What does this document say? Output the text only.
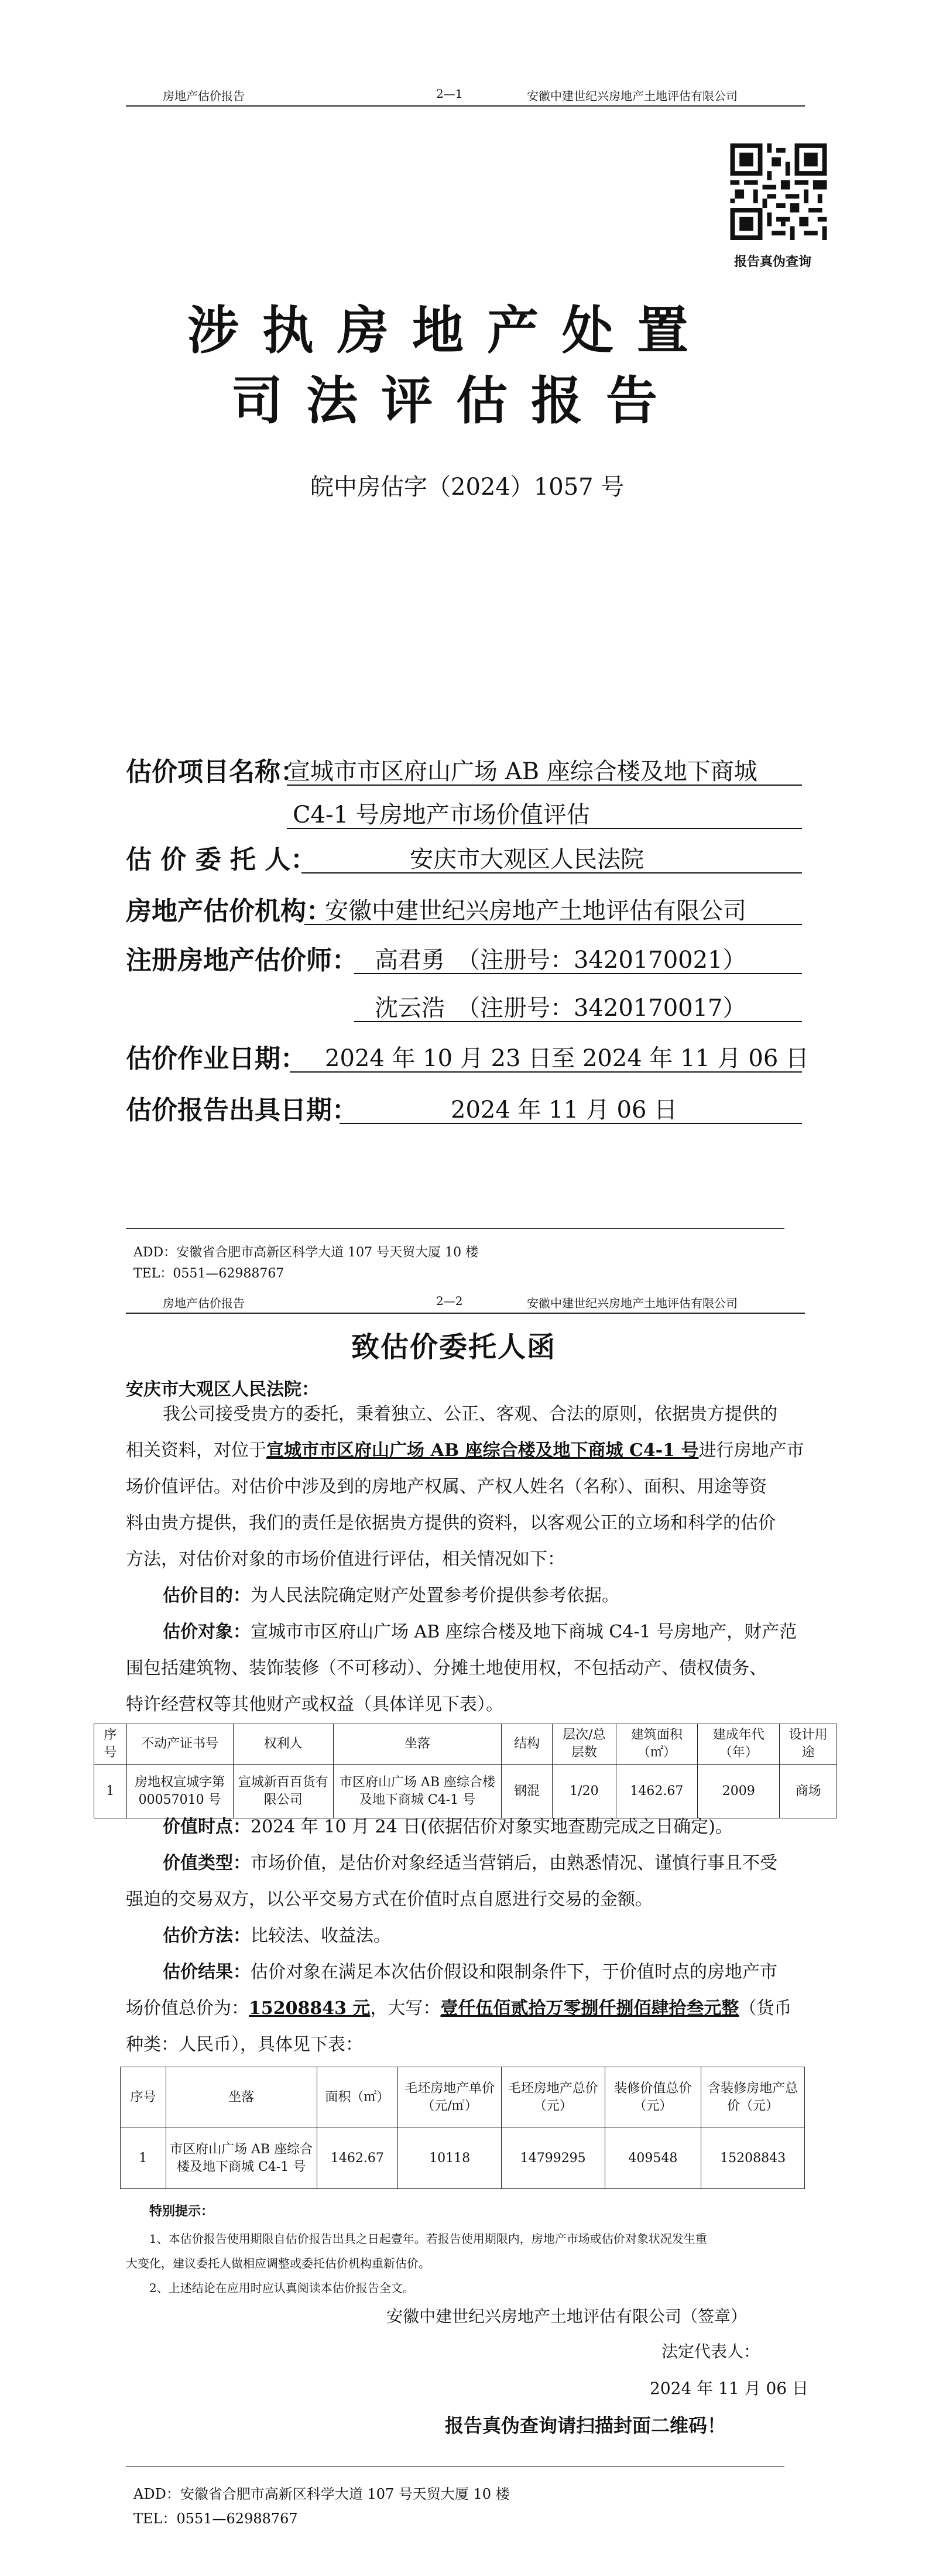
房地产估价报告	2—1	安徽中建世纪兴房地产土地评估有限公司
报告真伪查询
涉执房地产处置
司法评估报告
皖中房估字（2024）1057 号
估价项目名称：
宣城市市区府山广场 AB 座综合楼及地下商城
C4-1 号房地产市场价值评估
估 价 委 托 人：	安庆市大观区人民法院
房地产估价机构：
安徽中建世纪兴房地产土地评估有限公司
注册房地产估价师： 高君勇　（注册号：3420170021）
沈云浩　（注册号：3420170017）
估价作业日期： 2024 年 10 月 23 日至 2024 年 11 月 06 日
估价报告出具日期：	2024 年 11 月 06 日
ADD：安徽省合肥市高新区科学大道 107 号天贸大厦 10 楼
TEL：0551—62988767
房地产估价报告	2—2	安徽中建世纪兴房地产土地评估有限公司
致估价委托人函
安庆市大观区人民法院：
我公司接受贵方的委托，秉着独立、公正、客观、合法的原则，依据贵方提供的
相关资料，对位于宣城市市区府山广场 AB 座综合楼及地下商城 C4-1 号进行房地产市
场价值评估。对估价中涉及到的房地产权属、产权人姓名（名称）、面积、用途等资
料由贵方提供，我们的责任是依据贵方提供的资料，以客观公正的立场和科学的估价
方法，对估价对象的市场价值进行评估，相关情况如下：
估价目的：为人民法院确定财产处置参考价提供参考依据。
估价对象：宣城市市区府山广场 AB 座综合楼及地下商城 C4-1 号房地产，财产范
围包括建筑物、装饰装修（不可移动）、分摊土地使用权，不包括动产、债权债务、
特许经营权等其他财产或权益（具体详见下表）。
序号	不动产证书号	权利人	坐落	结构	层次/总层数	建筑面积（㎡）	建成年代（年）	设计用途
1	房地权宣城字第 00057010 号	宣城新百百货有限公司	市区府山广场 AB 座综合楼及地下商城 C4-1 号	钢混	1/20	1462.67	2009	商场
价值时点：2024 年 10 月 24 日(依据估价对象实地查勘完成之日确定)。
价值类型：市场价值，是估价对象经适当营销后，由熟悉情况、谨慎行事且不受
强迫的交易双方，以公平交易方式在价值时点自愿进行交易的金额。
估价方法：比较法、收益法。
估价结果：估价对象在满足本次估价假设和限制条件下，于价值时点的房地产市
场价值总价为：15208843 元，大写：壹仟伍佰贰拾万零捌仟捌佰肆拾叁元整（货币
种类：人民币），具体见下表：
序号	坐落	面积（㎡）	毛坯房地产单价（元/㎡）	毛坯房地产总价（元）	装修价值总价（元）	含装修房地产总价（元）
1	市区府山广场 AB 座综合楼及地下商城 C4-1 号	1462.67	10118	14799295	409548	15208843
特别提示：
1、本估价报告使用期限自估价报告出具之日起壹年。若报告使用期限内，房地产市场或估价对象状况发生重
大变化，建议委托人做相应调整或委托估价机构重新估价。
2、上述结论在应用时应认真阅读本估价报告全文。
安徽中建世纪兴房地产土地评估有限公司（签章）
法定代表人：
2024 年 11 月 06 日
报告真伪查询请扫描封面二维码！
ADD：安徽省合肥市高新区科学大道 107 号天贸大厦 10 楼
TEL：0551—62988767
